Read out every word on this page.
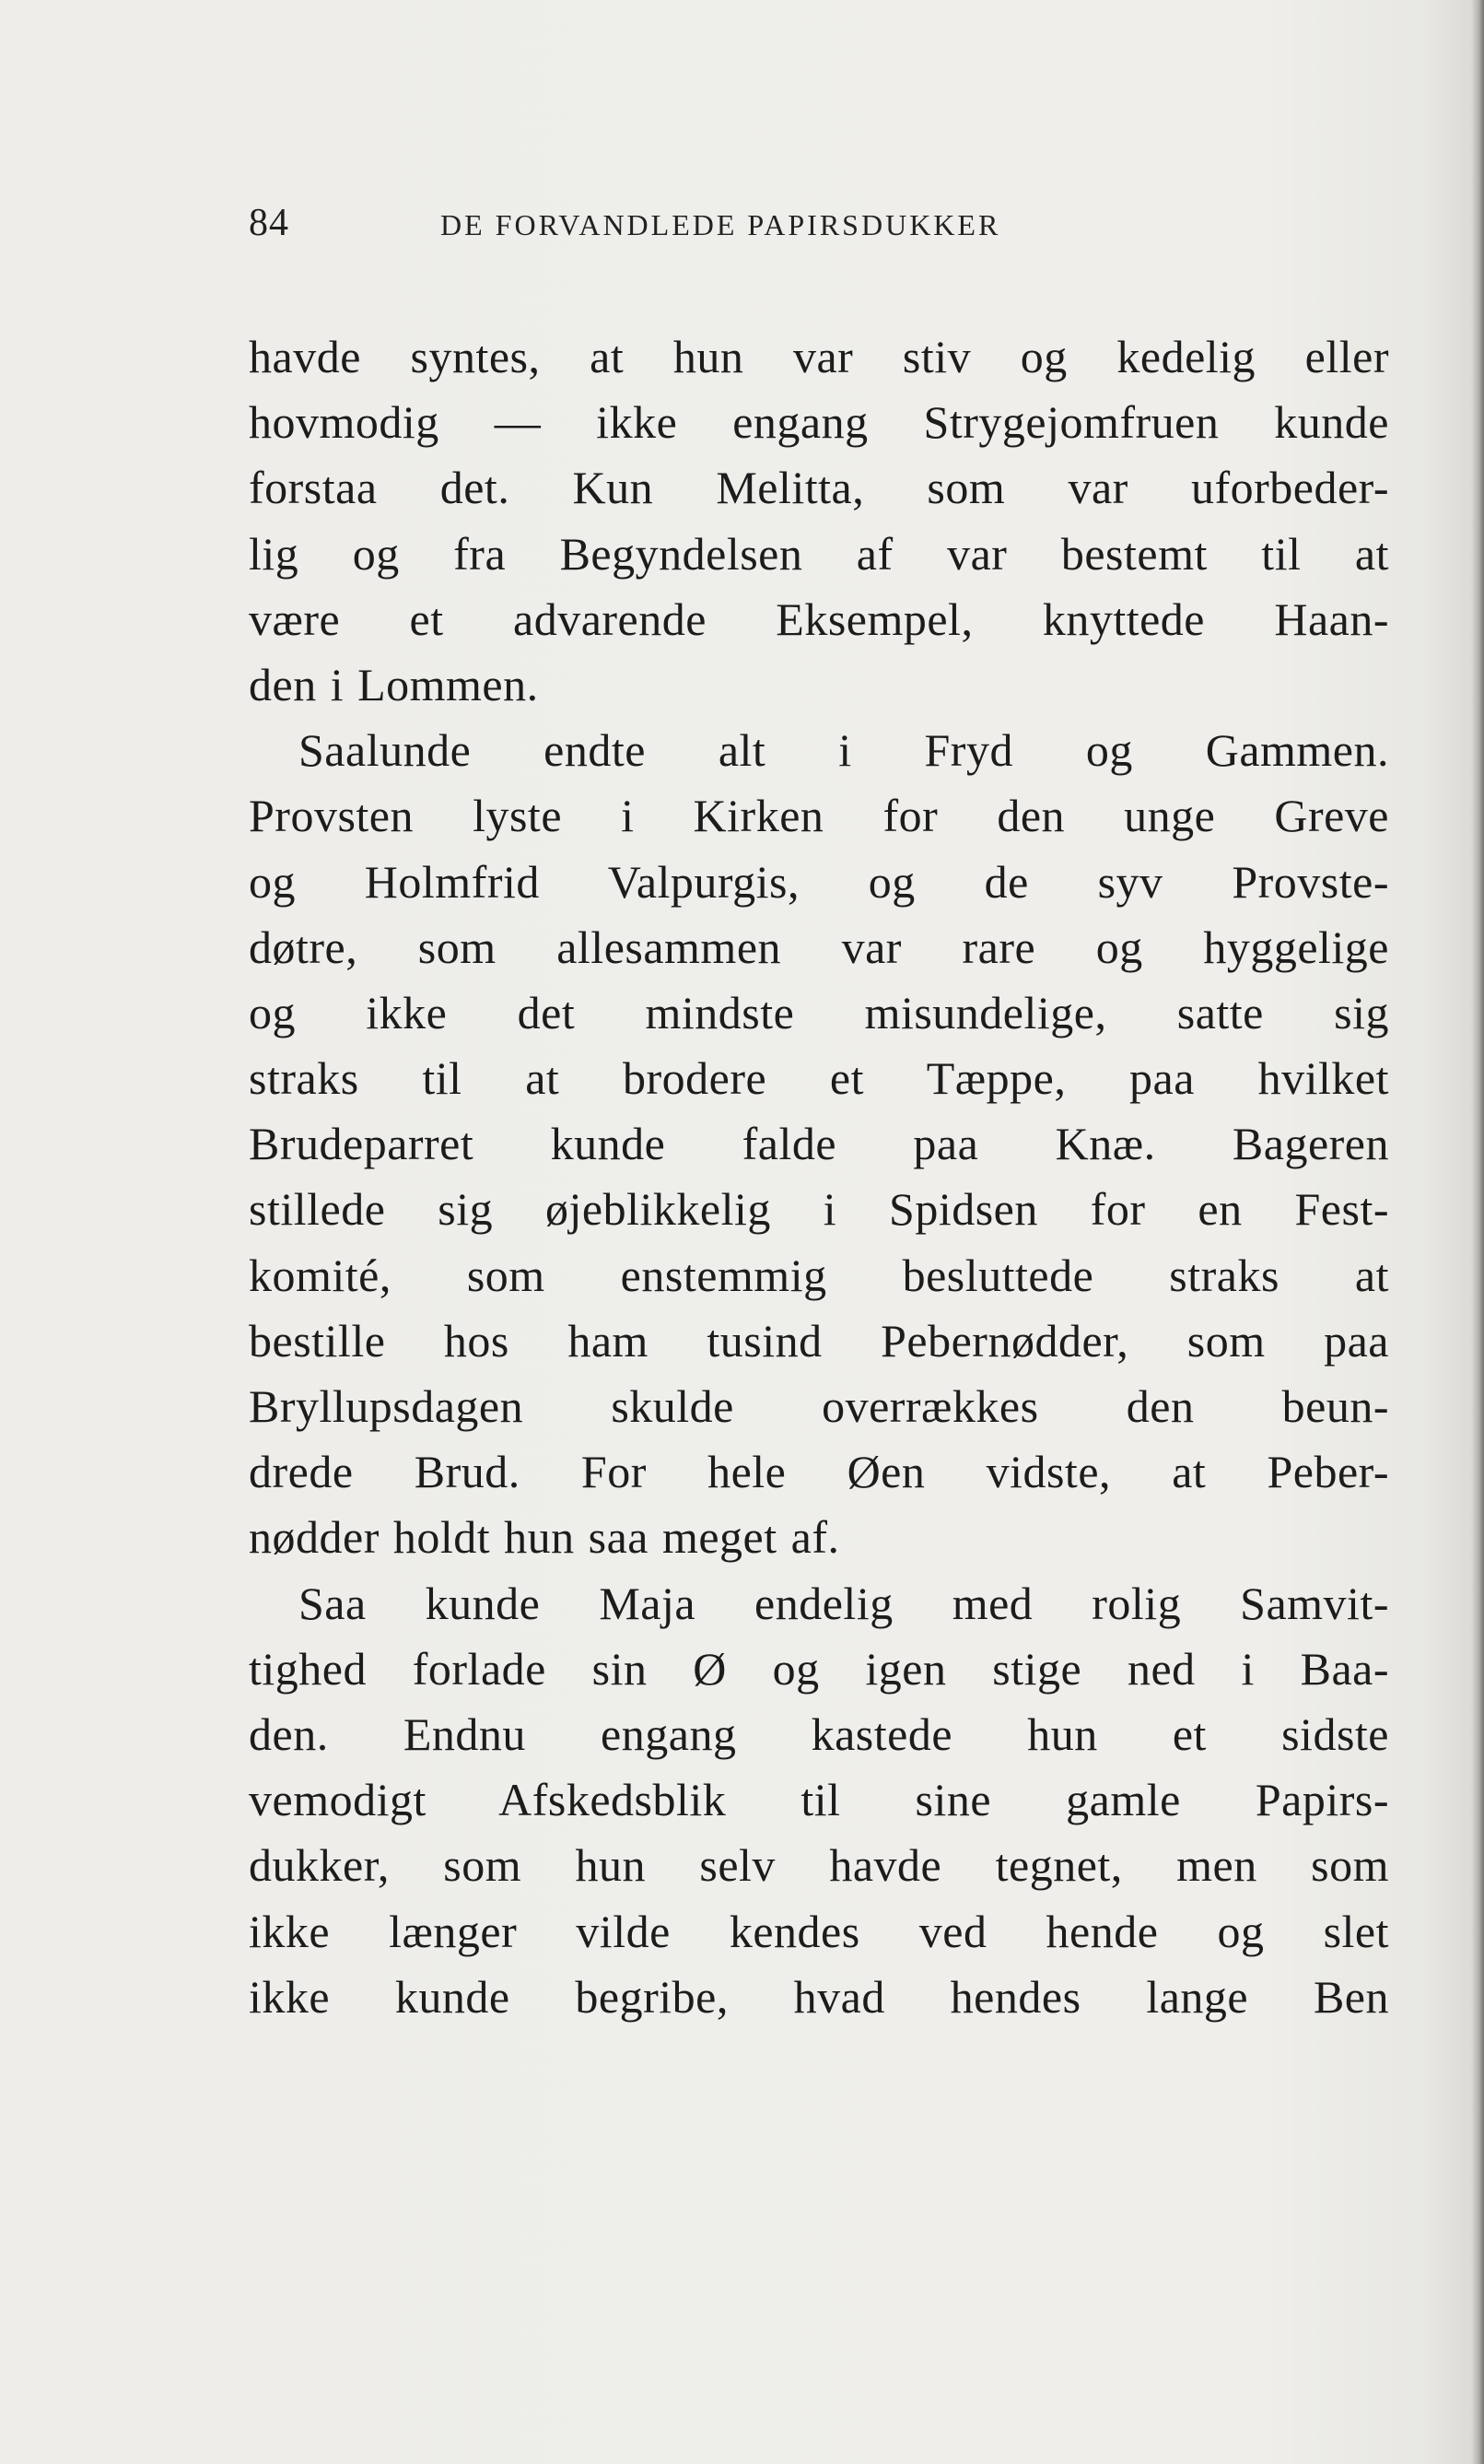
84	DE FORVANDLEDE PAPIRSDUKKER
havde syntes, at hun var stiv og kedelig eller
hovmodig — ikke engang Strygejomfruen kunde
forstaa det. Kun Melitta, som var uforbeder-
lig og fra Begyndelsen af var bestemt til at
være et advarende Eksempel, knyttede Haan-
den i Lommen.
Saalunde endte alt i Fryd og Gammen.
Provsten lyste i Kirken for den unge Greve
og Holmfrid Valpurgis, og de syv Provste-
døtre, som allesammen var rare og hyggelige
og ikke det mindste misundelige, satte sig
straks til at brodere et Tæppe, paa hvilket
Brudeparret kunde falde paa Knæ. Bageren
stillede sig øjeblikkelig i Spidsen for en Fest-
komité, som enstemmig besluttede straks at
bestille hos ham tusind Pebernødder, som paa
Bryllupsdagen skulde overrækkes den beun-
drede Brud. For hele Øen vidste, at Peber-
nødder holdt hun saa meget af.
Saa kunde Maja endelig med rolig Samvit-
tighed forlade sin Ø og igen stige ned i Baa-
den. Endnu engang kastede hun et sidste
vemodigt Afskedsblik til sine gamle Papirs-
dukker, som hun selv havde tegnet, men som
ikke længer vilde kendes ved hende og slet
ikke kunde begribe, hvad hendes lange Ben
